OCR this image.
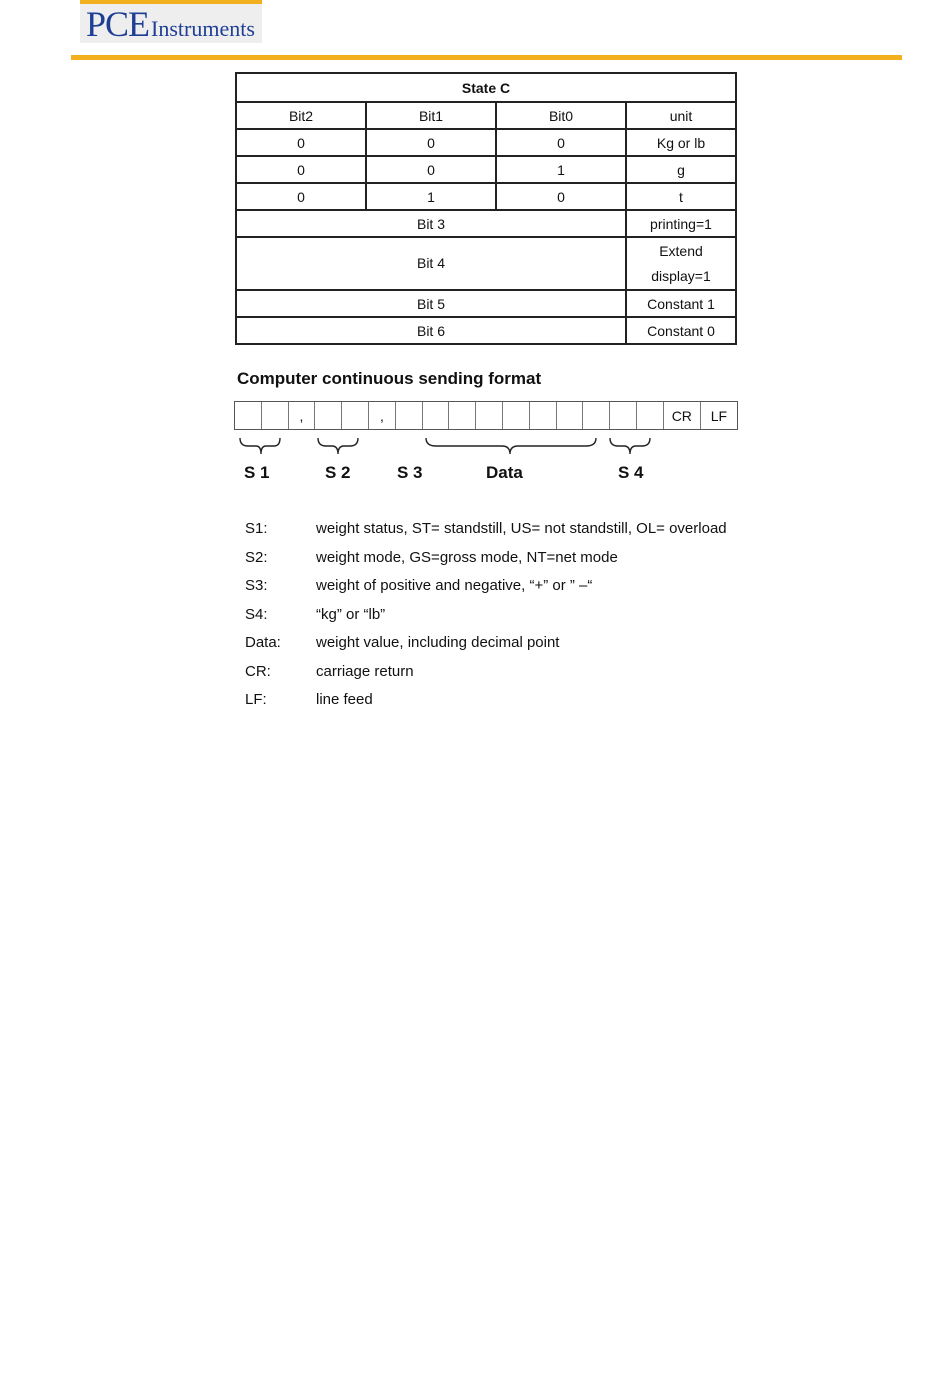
PCEInstruments
State C			
Bit2	Bit1	Bit0	unit
0	0	0	Kg or lb
0	0	1	g
0	1	0	t
Bit 3			printing=1
Bit 4			Extend
display=1

Bit 5			Constant 1
Bit 6			Constant 0
Computer continuous sending format
,	,	CR	LF
S 1	S 2	S 3	Data	S 4
S1:	weight status, ST= standstill, US= not standstill, OL= overload
S2:	weight mode, GS=gross mode, NT=net mode
S3:	weight of positive and negative, “+” or ” –“
S4:	“kg” or “lb”
Data: weight value, including decimal point
CR:	carriage return
LF:	line feed
